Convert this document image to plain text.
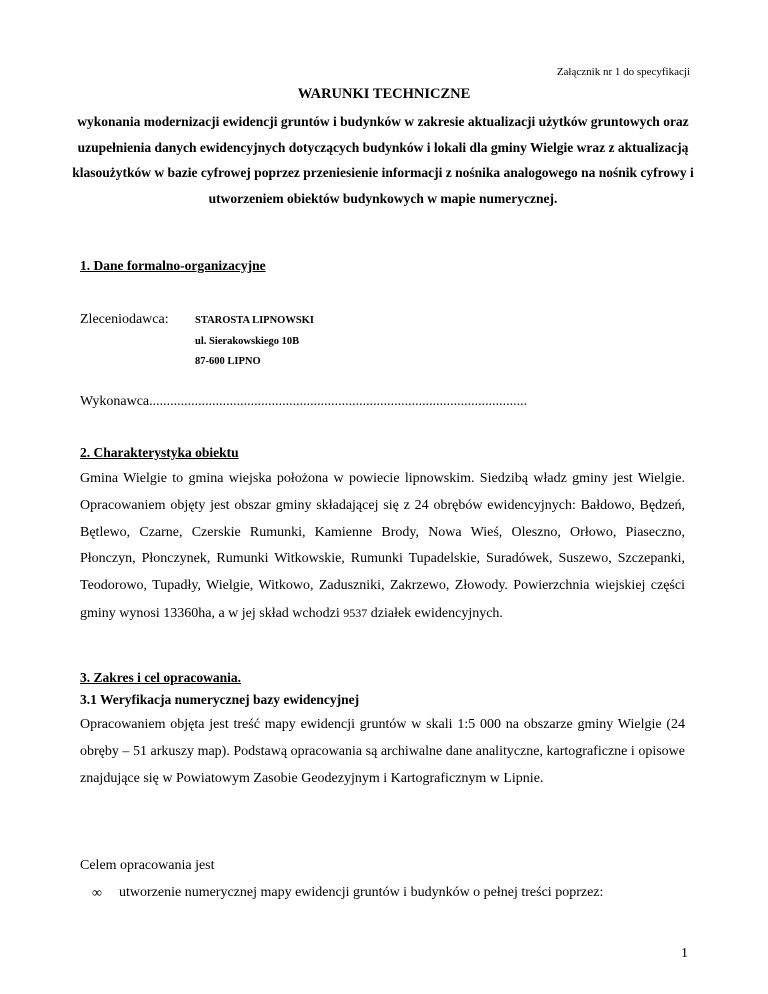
Załącznik nr 1 do specyfikacji
WARUNKI TECHNICZNE
wykonania modernizacji ewidencji gruntów i budynków w zakresie aktualizacji użytków gruntowych oraz uzupełnienia danych ewidencyjnych dotyczących budynków i lokali dla gminy Wielgie wraz z aktualizacją klasoużytków w bazie cyfrowej poprzez przeniesienie informacji z nośnika analogowego na nośnik cyfrowy i utworzeniem obiektów budynkowych w mapie numerycznej.
1. Dane formalno-organizacyjne
Zleceniodawca:	STAROSTA LIPNOWSKI
ul. Sierakowskiego 10B
87-600 LIPNO
Wykonawca............................................................................................................
2. Charakterystyka obiektu
Gmina Wielgie to gmina wiejska położona w powiecie lipnowskim. Siedzibą władz gminy jest Wielgie. Opracowaniem objęty jest obszar gminy składającej się z 24 obrębów ewidencyjnych: Bałdowo, Będzeń, Bętlewo, Czarne, Czerskie Rumunki, Kamienne Brody, Nowa Wieś, Oleszno, Orłowo, Piaseczno, Płonczyn, Płonczynek, Rumunki Witkowskie, Rumunki Tupadelskie, Suradówek, Suszewo, Szczepanki, Teodorowo, Tupadły, Wielgie, Witkowo, Zadusznіki, Zakrzewo, Złowody. Powierzchnia wiejskiej części gminy wynosi 13360ha, a w jej skład wchodzi 9537 działek ewidencyjnych.
3. Zakres i cel opracowania.
3.1 Weryfikacja numerycznej bazy ewidencyjnej
Opracowaniem objęta jest treść mapy ewidencji gruntów w skali 1:5 000 na obszarze gminy Wielgie (24 obręby – 51 arkuszy map). Podstawą opracowania są archiwalne dane analityczne, kartograficzne i opisowe znajdujące się w Powiatowym Zasobie Geodezyjnym i Kartograficznym w Lipnie.
Celem opracowania jest
∞ utworzenie numerycznej mapy ewidencji gruntów i budynków o pełnej treści poprzez:
1
